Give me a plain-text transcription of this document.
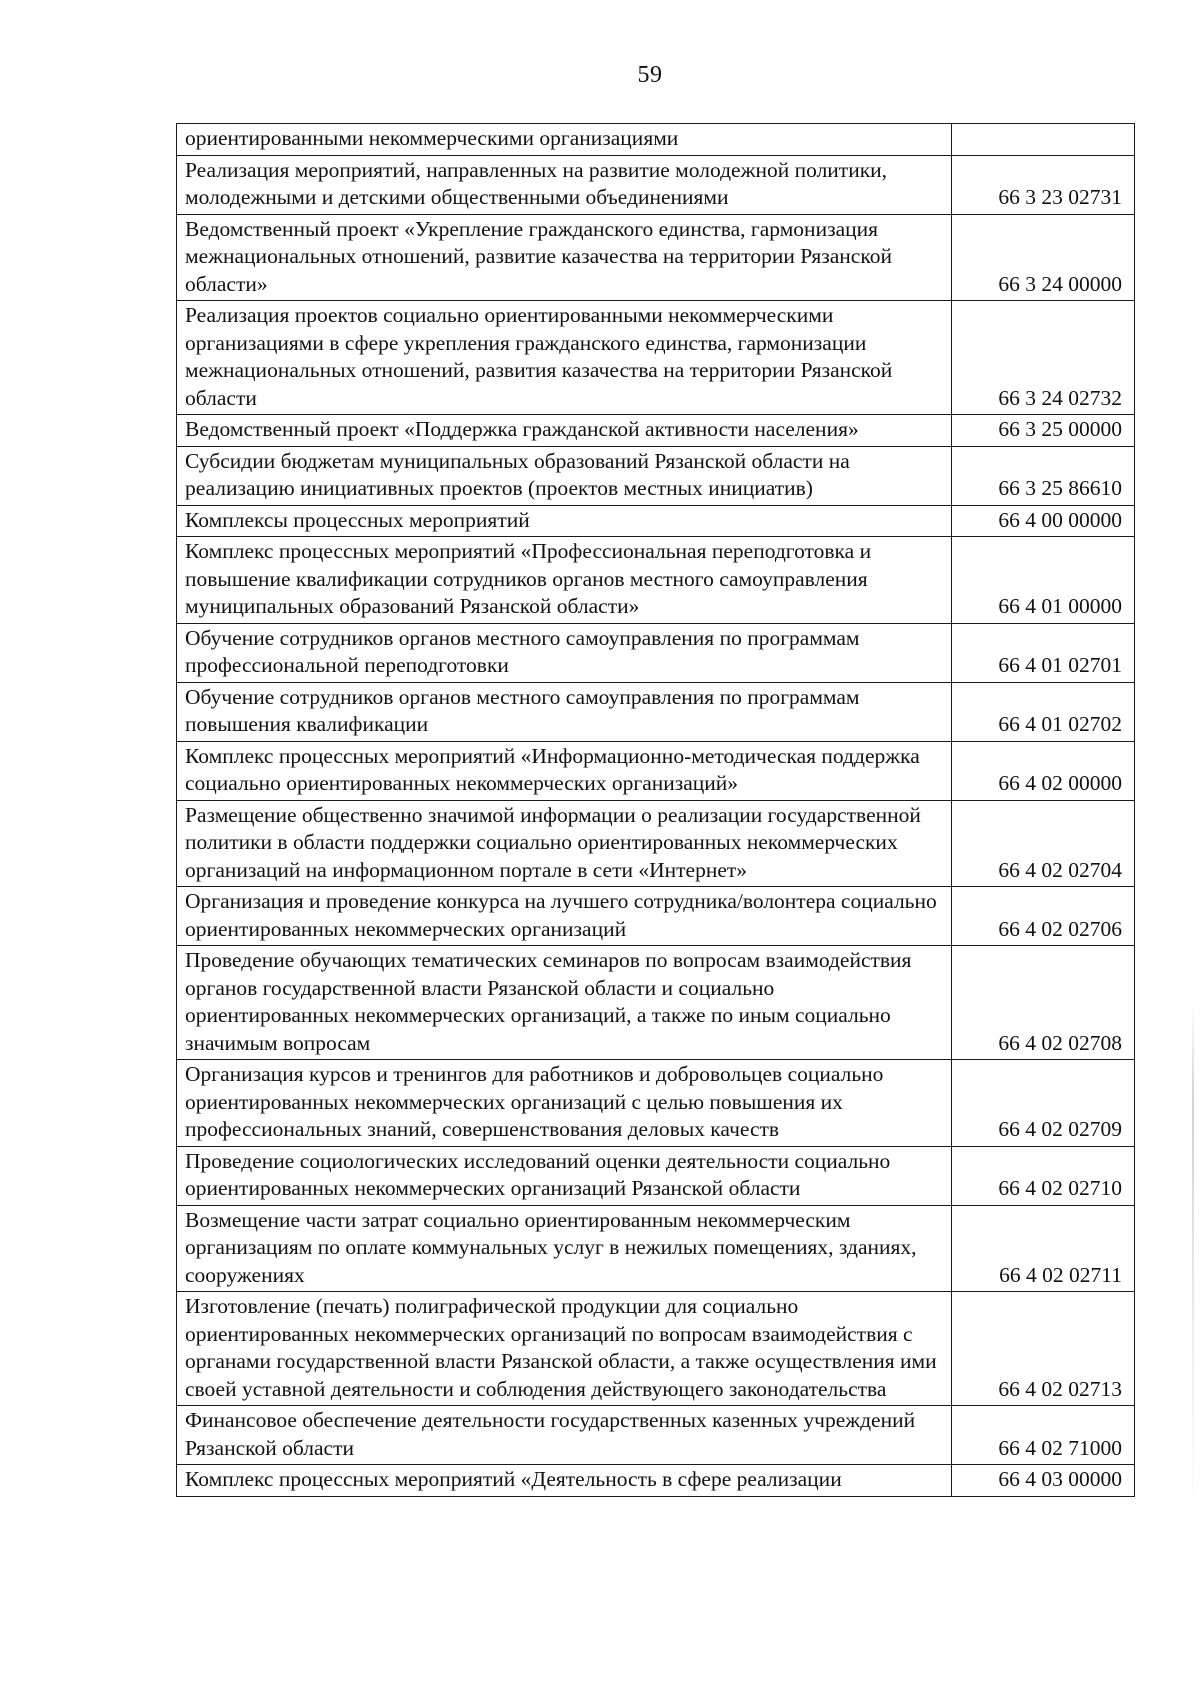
59
ориентированными некоммерческими организациями	
Реализация мероприятий, направленных на развитие молодежной политики, молодежными и детскими общественными объединениями	66 3 23 02731
Ведомственный проект «Укрепление гражданского единства, гармонизация межнациональных отношений, развитие казачества на территории Рязанской области»	66 3 24 00000
Реализация проектов социально ориентированными некоммерческими организациями в сфере укрепления гражданского единства, гармонизации межнациональных отношений, развития казачества на территории Рязанской области	66 3 24 02732
Ведомственный проект «Поддержка гражданской активности населения»	66 3 25 00000
Субсидии бюджетам муниципальных образований Рязанской области на реализацию инициативных проектов (проектов местных инициатив)	66 3 25 86610
Комплексы процессных мероприятий	66 4 00 00000
Комплекс процессных мероприятий «Профессиональная переподготовка и повышение квалификации сотрудников органов местного самоуправления муниципальных образований Рязанской области»	66 4 01 00000
Обучение сотрудников органов местного самоуправления по программам профессиональной переподготовки	66 4 01 02701
Обучение сотрудников органов местного самоуправления по программам повышения квалификации	66 4 01 02702
Комплекс процессных мероприятий «Информационно-методическая поддержка социально ориентированных некоммерческих организаций»	66 4 02 00000
Размещение общественно значимой информации о реализации государственной политики в области поддержки социально ориентированных некоммерческих организаций на информационном портале в сети «Интернет»	66 4 02 02704
Организация и проведение конкурса на лучшего сотрудника/волонтера социально ориентированных некоммерческих организаций	66 4 02 02706
Проведение обучающих тематических семинаров по вопросам взаимодействия органов государственной власти Рязанской области и социально ориентированных некоммерческих организаций, а также по иным социально значимым вопросам	66 4 02 02708
Организация курсов и тренингов для работников и добровольцев социально ориентированных некоммерческих организаций с целью повышения их профессиональных знаний, совершенствования деловых качеств	66 4 02 02709
Проведение социологических исследований оценки деятельности социально ориентированных некоммерческих организаций Рязанской области	66 4 02 02710
Возмещение части затрат социально ориентированным некоммерческим организациям по оплате коммунальных услуг в нежилых помещениях, зданиях, сооружениях	66 4 02 02711
Изготовление (печать) полиграфической продукции для социально ориентированных некоммерческих организаций по вопросам взаимодействия с органами государственной власти Рязанской области, а также осуществления ими своей уставной деятельности и соблюдения действующего законодательства	66 4 02 02713
Финансовое обеспечение деятельности государственных казенных учреждений Рязанской области	66 4 02 71000
Комплекс процессных мероприятий «Деятельность в сфере реализации	66 4 03 00000
